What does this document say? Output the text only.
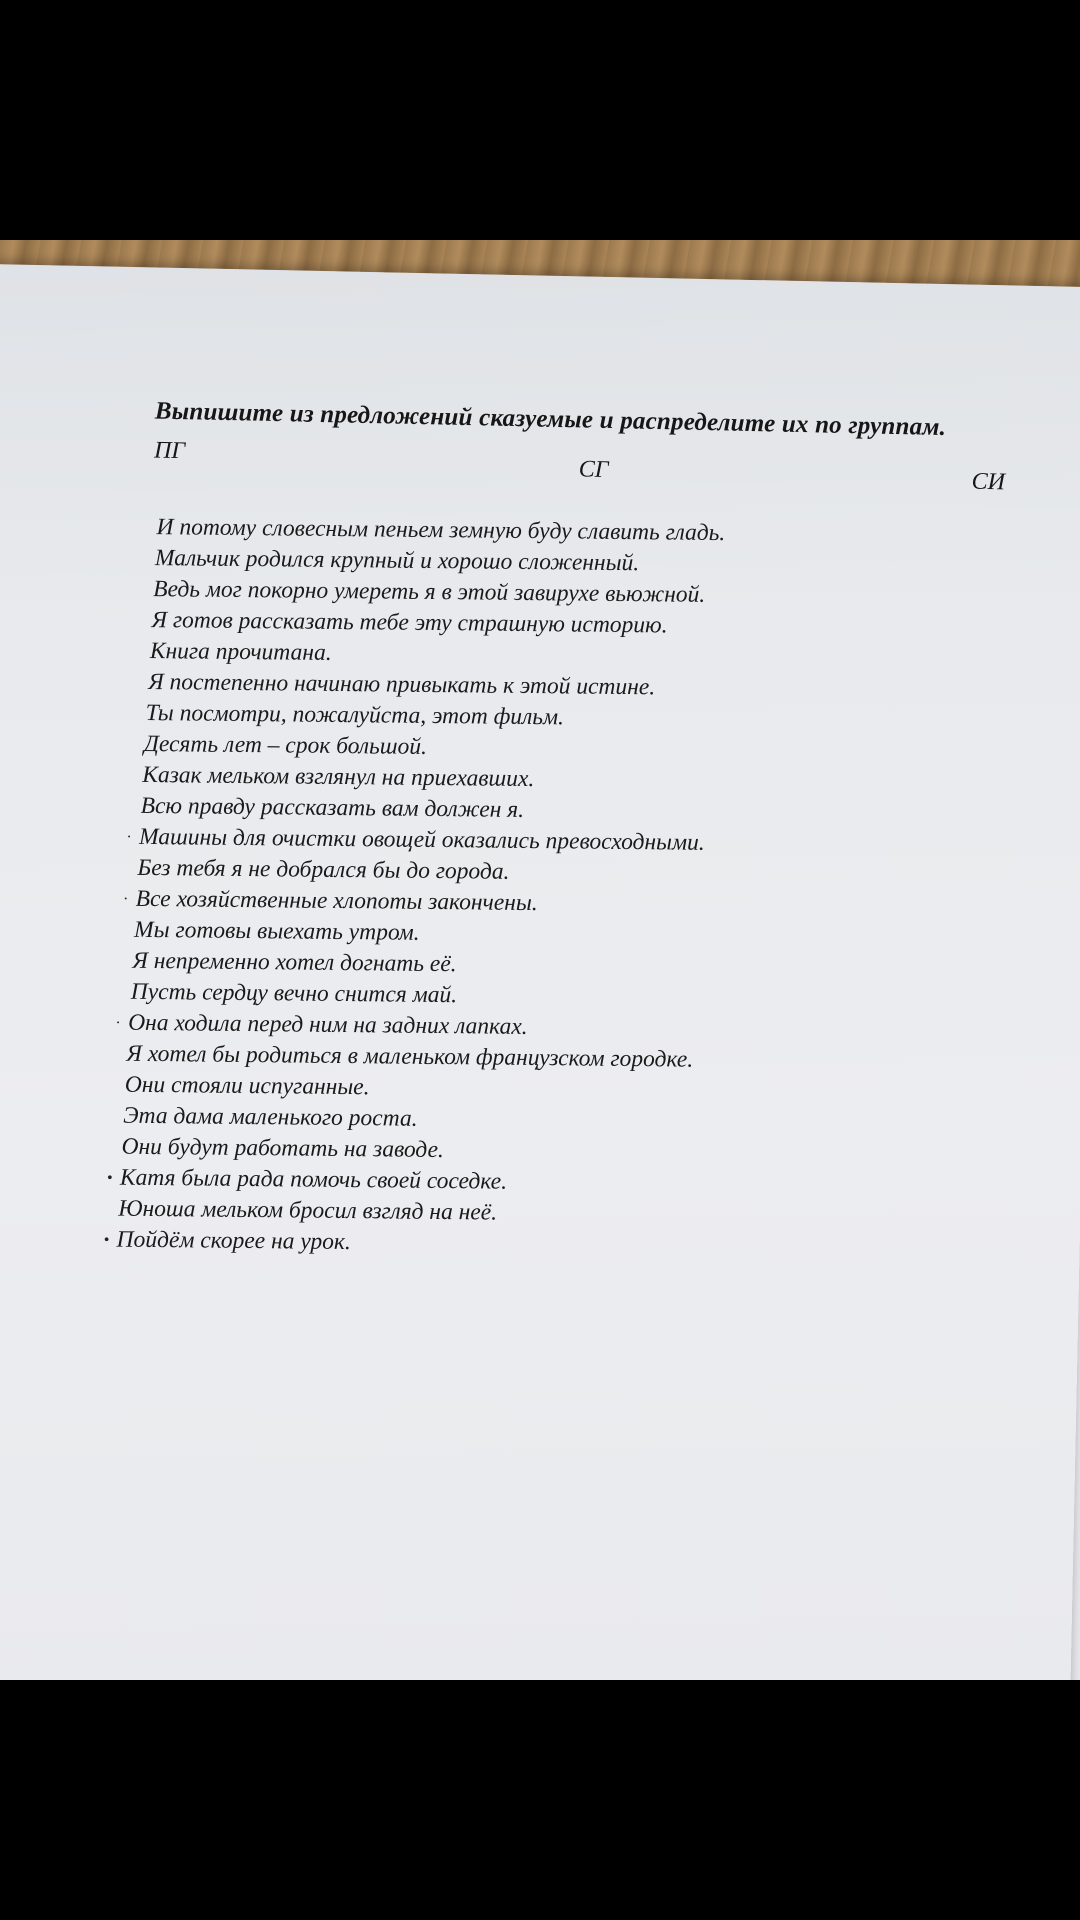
Выпишите из предложений сказуемые и распределите их по группам.

ПГ
СГ	СИ
И потому словесным пеньем земную буду славить гладь.
Мальчик родился крупный и хорошо сложенный.
Ведь мог покорно умереть я в этой завирухе вьюжной.
Я готов рассказать тебе эту страшную историю.
Книга прочитана.
Я постепенно начинаю привыкать к этой истине.
Ты посмотри, пожалуйста, этот фильм.
Десять лет – срок большой.
Казак мельком взглянул на приехавших.
Всю правду рассказать вам должен я.
· Машины для очистки овощей оказались превосходными.
Без тебя я не добрался бы до города.
· Все хозяйственные хлопоты закончены.
Мы готовы выехать утром.
Я непременно хотел догнать её.
Пусть сердцу вечно снится май.
· Она ходила перед ним на задних лапках.
Я хотел бы родиться в маленьком французском городке.
Они стояли испуганные.
Эта дама маленького роста.
Они будут работать на заводе.
• Катя была рада помочь своей соседке.
Юноша мельком бросил взгляд на неё.
• Пойдём скорее на урок.
